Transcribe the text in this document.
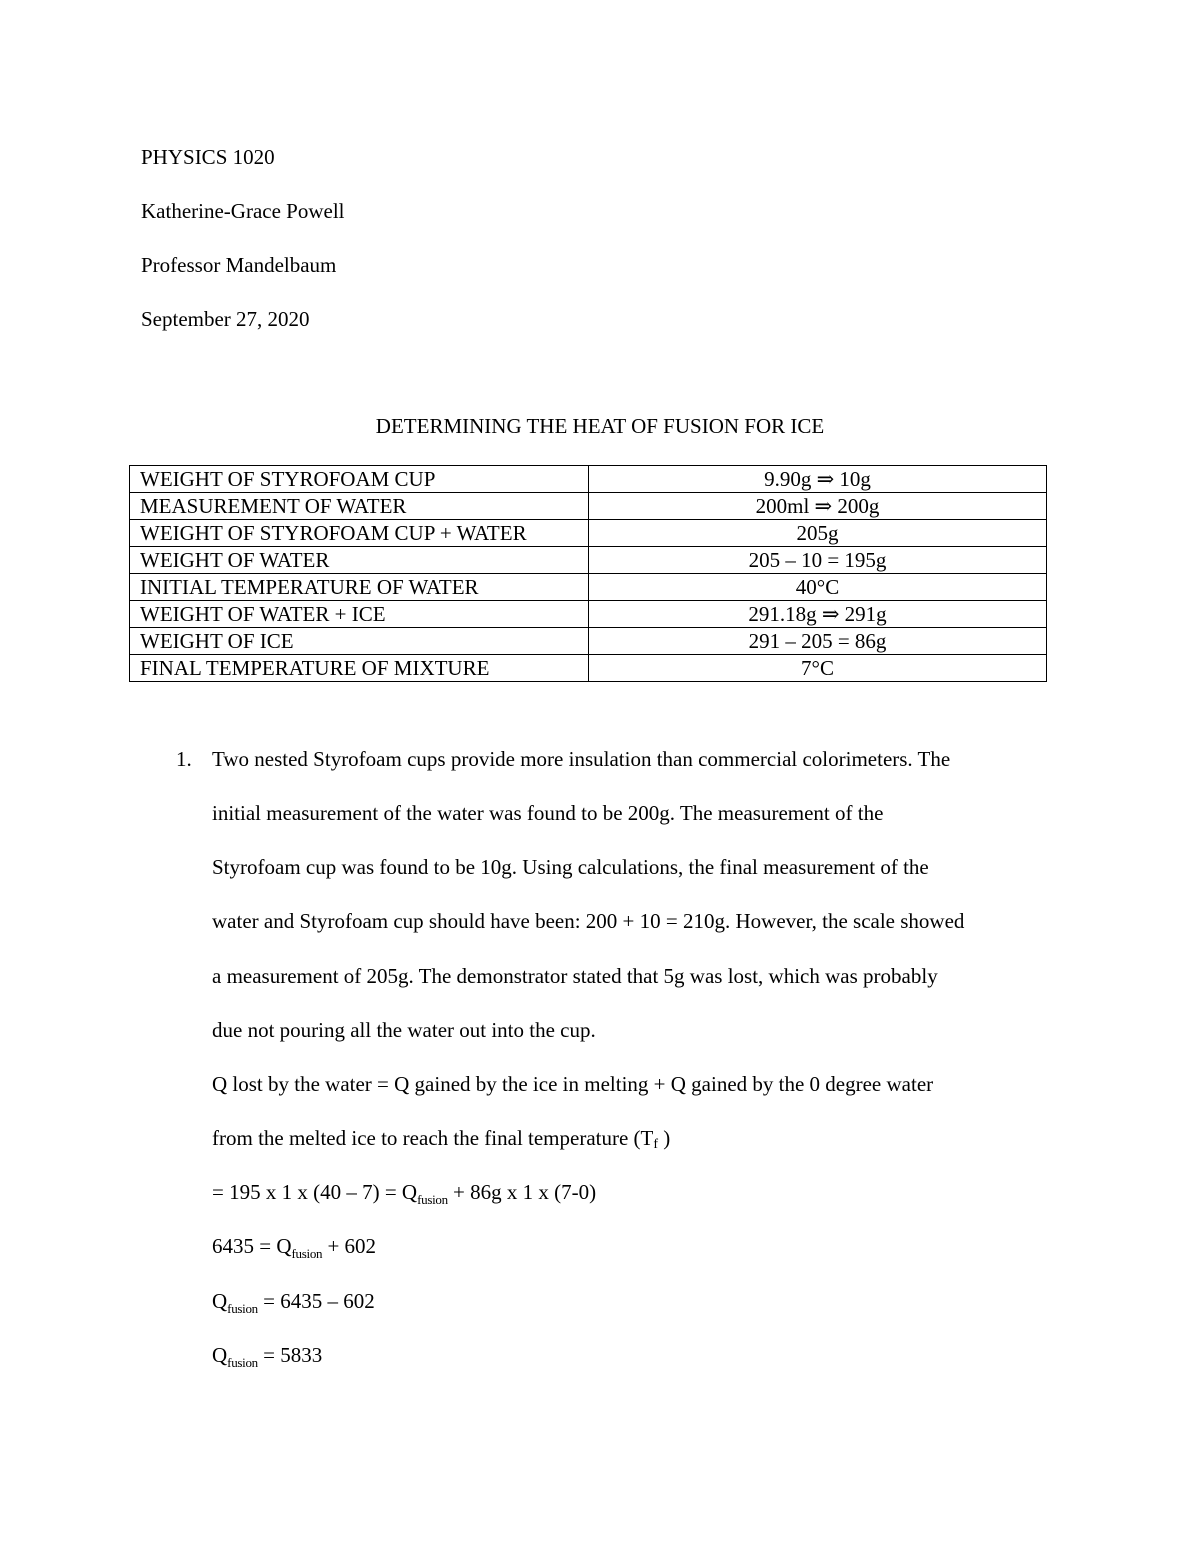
PHYSICS 1020
Katherine-Grace Powell
Professor Mandelbaum
September 27, 2020
DETERMINING THE HEAT OF FUSION FOR ICE
WEIGHT OF STYROFOAM CUP	9.90g ⇒ 10g
MEASUREMENT OF WATER	200ml ⇒ 200g
WEIGHT OF STYROFOAM CUP + WATER	205g
WEIGHT OF WATER	205 – 10 = 195g
INITIAL TEMPERATURE OF WATER	40°C
WEIGHT OF WATER + ICE	291.18g ⇒ 291g
WEIGHT OF ICE	291 – 205 = 86g
FINAL TEMPERATURE OF MIXTURE	7°C
1. Two nested Styrofoam cups provide more insulation than commercial colorimeters. The
initial measurement of the water was found to be 200g. The measurement of the
Styrofoam cup was found to be 10g. Using calculations, the final measurement of the
water and Styrofoam cup should have been: 200 + 10 = 210g. However, the scale showed
a measurement of 205g. The demonstrator stated that 5g was lost, which was probably
due not pouring all the water out into the cup.
Q lost by the water = Q gained by the ice in melting + Q gained by the 0 degree water
from the melted ice to reach the final temperature (Tf )
= 195 x 1 x $(40 - 7) = Q_{fusion} + 86g$ x 1 x (7-0)
$6435 = Q_{fusion} + 602$
$Q_{fusion} = 6435 - 602$
$Q_{fusion} = 5833$
